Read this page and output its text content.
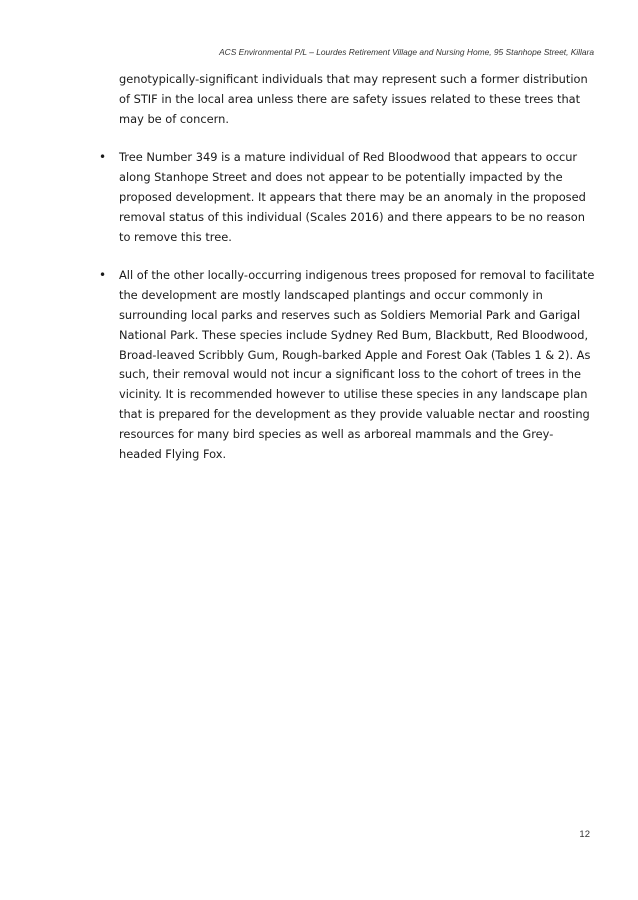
ACS Environmental P/L – Lourdes Retirement Village and Nursing Home, 95 Stanhope Street, Killara

genotypically-significant individuals that may represent such a former distribution of STIF in the local area unless there are safety issues related to these trees that may be of concern.

• Tree Number 349 is a mature individual of Red Bloodwood that appears to occur along Stanhope Street and does not appear to be potentially impacted by the proposed development. It appears that there may be an anomaly in the proposed removal status of this individual (Scales 2016) and there appears to be no reason to remove this tree.
• All of the other locally-occurring indigenous trees proposed for removal to facilitate the development are mostly landscaped plantings and occur commonly in surrounding local parks and reserves such as Soldiers Memorial Park and Garigal National Park. These species include Sydney Red Bum, Blackbutt, Red Bloodwood, Broad-leaved Scribbly Gum, Rough-barked Apple and Forest Oak (Tables 1 & 2). As such, their removal would not incur a significant loss to the cohort of trees in the vicinity. It is recommended however to utilise these species in any landscape plan that is prepared for the development as they provide valuable nectar and roosting resources for many bird species as well as arboreal mammals and the Grey-headed Flying Fox.
12
